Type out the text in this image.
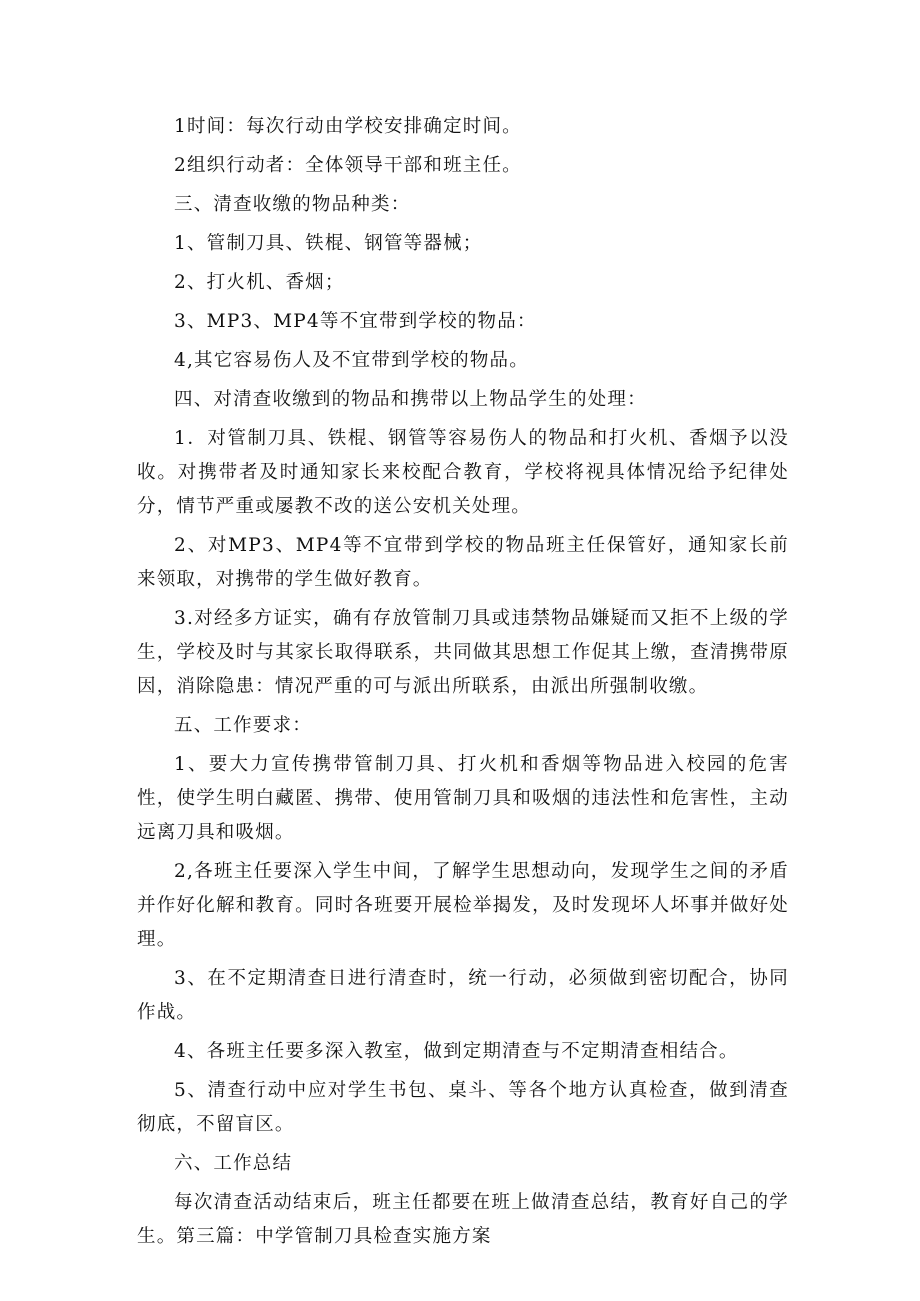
1时间：每次行动由学校安排确定时间。

2组织行动者：全体领导干部和班主任。

三、清查收缴的物品种类：

1、管制刀具、铁棍、钢管等器械；

2、打火机、香烟；

3、MP3、MP4等不宜带到学校的物品：

4,其它容易伤人及不宜带到学校的物品。

四、对清查收缴到的物品和携带以上物品学生的处理：

1．对管制刀具、铁棍、钢管等容易伤人的物品和打火机、香烟予以没收。对携带者及时通知家长来校配合教育，学校将视具体情况给予纪律处分，情节严重或屡教不改的送公安机关处理。

2、对MP3、MP4等不宜带到学校的物品班主任保管好，通知家长前来领取，对携带的学生做好教育。

3.对经多方证实，确有存放管制刀具或违禁物品嫌疑而又拒不上级的学生，学校及时与其家长取得联系，共同做其思想工作促其上缴，查清携带原因，消除隐患：情况严重的可与派出所联系，由派出所强制收缴。

五、工作要求：

1、要大力宣传携带管制刀具、打火机和香烟等物品进入校园的危害性，使学生明白藏匿、携带、使用管制刀具和吸烟的违法性和危害性，主动远离刀具和吸烟。

2,各班主任要深入学生中间，了解学生思想动向，发现学生之间的矛盾并作好化解和教育。同时各班要开展检举揭发，及时发现坏人坏事并做好处理。

3、在不定期清查日进行清查时，统一行动，必须做到密切配合，协同作战。

4、各班主任要多深入教室，做到定期清查与不定期清查相结合。

5、清查行动中应对学生书包、桌斗、等各个地方认真检查，做到清查彻底，不留盲区。

六、工作总结

每次清查活动结束后，班主任都要在班上做清查总结，教育好自己的学生。第三篇：中学管制刀具检查实施方案
